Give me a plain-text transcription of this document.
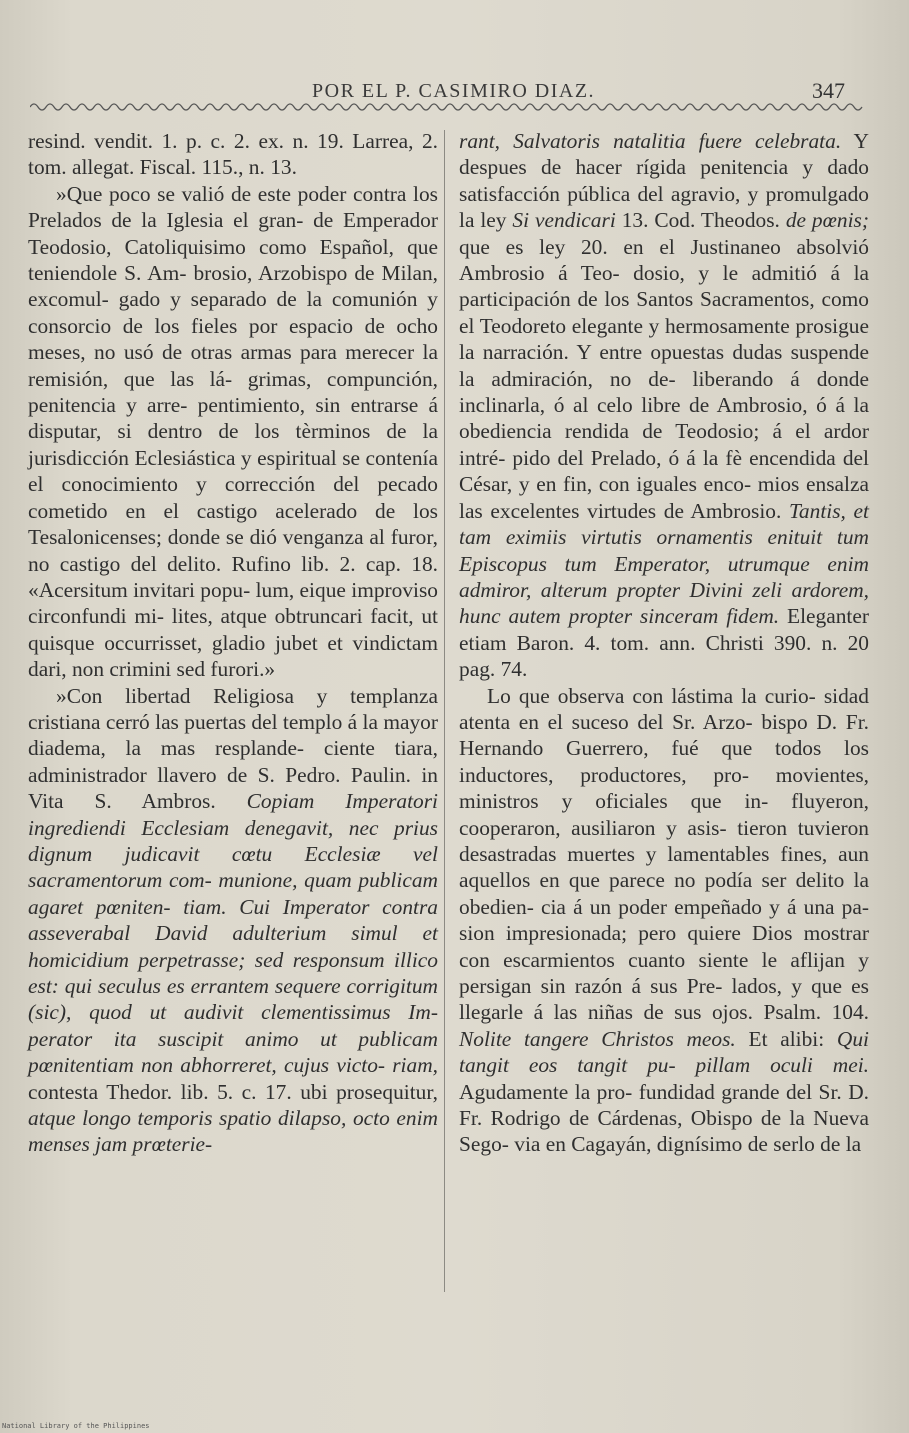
POR EL P. CASIMIRO DIAZ.	347

resind. vendit. 1. p. c. 2. ex. n. 19. Larrea, 2. tom. allegat. Fiscal. 115., n. 13.

»Que poco se valió de este poder contra los Prelados de la Iglesia el gran- de Emperador Teodosio, Catoliquisimo como Español, que teniendole S. Am- brosio, Arzobispo de Milan, excomul- gado y separado de la comunión y consorcio de los fieles por espacio de ocho meses, no usó de otras armas para merecer la remisión, que las lá- grimas, compunción, penitencia y arre- pentimiento, sin entrarse á disputar, si dentro de los tèrminos de la jurisdicción Eclesiástica y espiritual se contenía el conocimiento y corrección del pecado cometido en el castigo acelerado de los Tesalonicenses; donde se dió venganza al furor, no castigo del delito. Rufino lib. 2. cap. 18. «Acersitum invitari popu- lum, eique improviso circonfundi mi- lites, atque obtruncari facit, ut quisque occurrisset, gladio jubet et vindictam dari, non crimini sed furori.»

»Con libertad Religiosa y templanza cristiana cerró las puertas del templo á la mayor diadema, la mas resplande- ciente tiara, administrador llavero de S. Pedro. Paulin. in Vita S. Ambros. Copiam Imperatori ingrediendi Ecclesiam denegavit, nec prius dignum judicavit cœtu Ecclesiæ vel sacramentorum com- munione, quam publicam agaret pœniten- tiam. Cui Imperator contra asseverabal David adulterium simul et homicidium perpetrasse; sed responsum illico est: qui seculus es errantem sequere corrigitum (sic), quod ut audivit clementissimus Im- perator ita suscipit animo ut publicam pœnitentiam non abhorreret, cujus victo- riam, contesta Thedor. lib. 5. c. 17. ubi prosequitur, atque longo temporis spatio dilapso, octo enim menses jam prœterie-

rant, Salvatoris natalitia fuere celebrata. Y despues de hacer rígida penitencia y dado satisfacción pública del agravio, y promulgado la ley Si vendicari 13. Cod. Theodos. de pœnis; que es ley 20. en el Justinaneo absolvió Ambrosio á Teo- dosio, y le admitió á la participación de los Santos Sacramentos, como el Teodoreto elegante y hermosamente prosigue la narración. Y entre opuestas dudas suspende la admiración, no de- liberando á donde inclinarla, ó al celo libre de Ambrosio, ó á la obediencia rendida de Teodosio; á el ardor intré- pido del Prelado, ó á la fè encendida del César, y en fin, con iguales enco- mios ensalza las excelentes virtudes de Ambrosio. Tantis, et tam eximiis virtutis ornamentis enituit tum Episcopus tum Emperator, utrumque enim admiror, alterum propter Divini zeli ardorem, hunc autem propter sinceram fidem. Eleganter etiam Baron. 4. tom. ann. Christi 390. n. 20 pag. 74.

Lo que observa con lástima la curio- sidad atenta en el suceso del Sr. Arzo- bispo D. Fr. Hernando Guerrero, fué que todos los inductores, productores, pro- movientes, ministros y oficiales que in- fluyeron, cooperaron, ausiliaron y asis- tieron tuvieron desastradas muertes y lamentables fines, aun aquellos en que parece no podía ser delito la obedien- cia á un poder empeñado y á una pa- sion impresionada; pero quiere Dios mostrar con escarmientos cuanto siente le aflijan y persigan sin razón á sus Pre- lados, y que es llegarle á las niñas de sus ojos. Psalm. 104. Nolite tangere Christos meos. Et alibi: Qui tangit eos tangit pu- pillam oculi mei. Agudamente la pro- fundidad grande del Sr. D. Fr. Rodrigo de Cárdenas, Obispo de la Nueva Sego- via en Cagayán, dignísimo de serlo de la

National Library of the Philippines
